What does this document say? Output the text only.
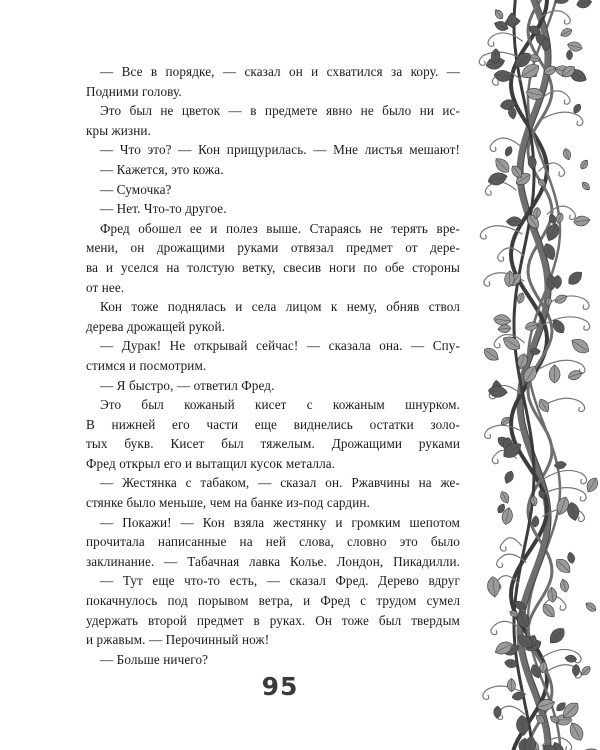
— Все в порядке, — сказал он и схватился за кору. —
Подними голову.
Это был не цветок — в предмете явно не было ни ис-
кры жизни.
— Что это? — Кон прищурилась. — Мне листья мешают!
— Кажется, это кожа.
— Сумочка?
— Нет. Что-то другое.
Фред обошел ее и полез выше. Стараясь не терять вре-
мени, он дрожащими руками отвязал предмет от дере-
ва и уселся на толстую ветку, свесив ноги по обе стороны
от нее.
Кон тоже поднялась и села лицом к нему, обняв ствол
дерева дрожащей рукой.
— Дурак! Не открывай сейчас! — сказала она. — Спу-
стимся и посмотрим.
— Я быстро, — ответил Фред.
Это был кожаный кисет с кожаным шнурком.
В нижней его части еще виднелись остатки золо-
тых букв. Кисет был тяжелым. Дрожащими руками
Фред открыл его и вытащил кусок металла.
— Жестянка с табаком, — сказал он. Ржавчины на же-
стянке было меньше, чем на банке из-под сардин.
— Покажи! — Кон взяла жестянку и громким шепотом
прочитала написанные на ней слова, словно это было
заклинание. — Табачная лавка Колье. Лондон, Пикадилли.
— Тут еще что-то есть, — сказал Фред. Дерево вдруг
покачнулось под порывом ветра, и Фред с трудом сумел
удержать второй предмет в руках. Он тоже был твердым
и ржавым. — Перочинный нож!
— Больше ничего?
95
